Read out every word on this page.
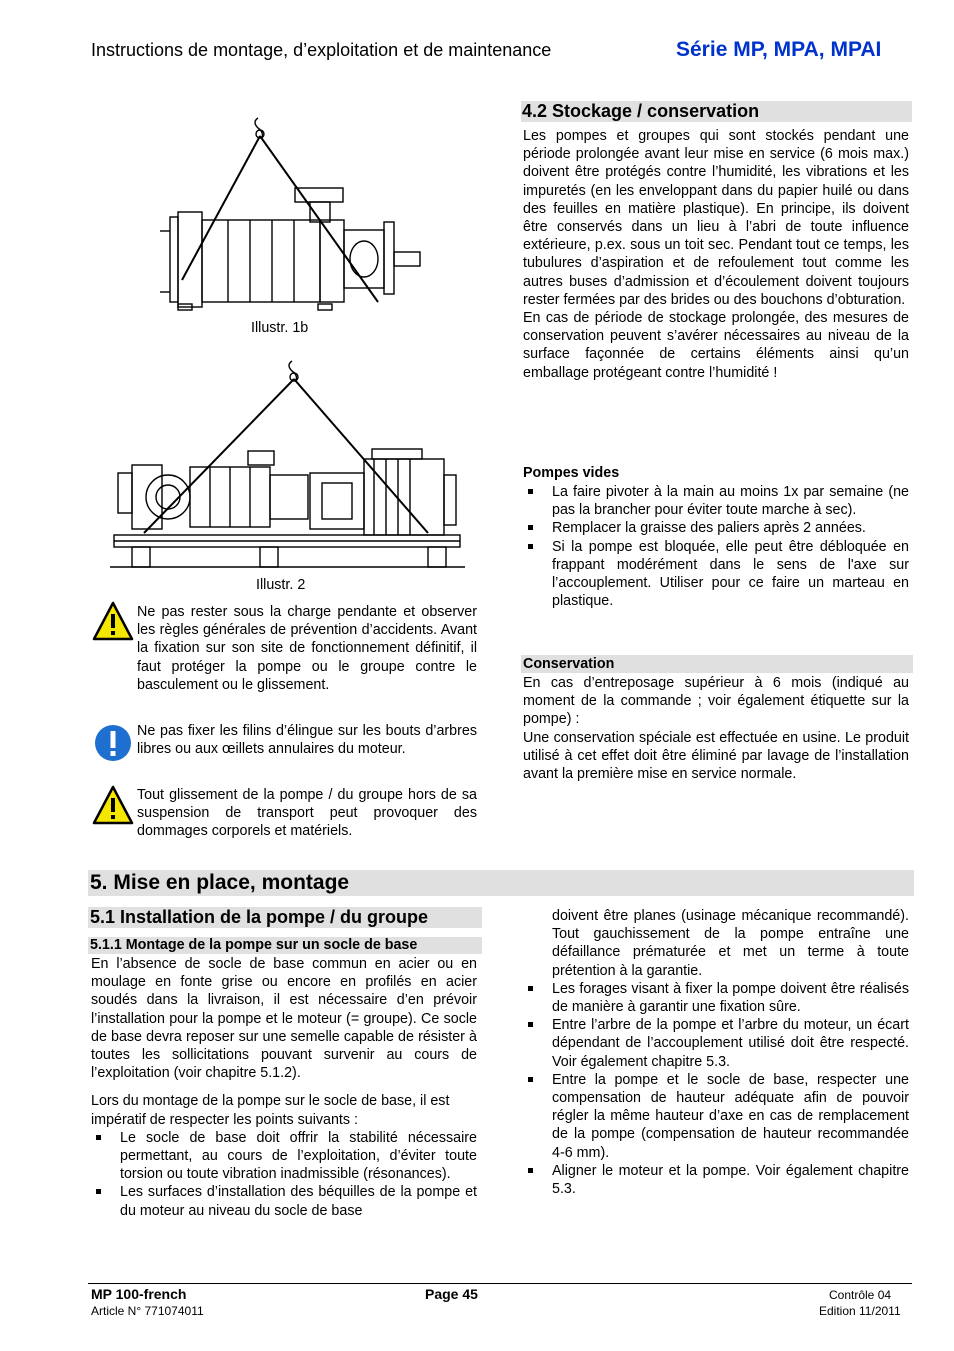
Instructions de montage, d’exploitation et de maintenance	Série MP, MPA, MPAI
Illustr. 1b
Illustr. 2
Ne pas rester sous la charge pendante et observer les règles générales de prévention d’accidents. Avant la fixation sur son site de fonctionnement définitif, il faut protéger la pompe ou le groupe contre le basculement ou le glissement.
Ne pas fixer les filins d’élingue sur les bouts d’arbres libres ou aux œillets annulaires du moteur.
Tout glissement de la pompe / du groupe hors de sa suspension de transport peut provoquer des dommages corporels et matériels.
4.2 Stockage / conservation

Les pompes et groupes qui sont stockés pendant une période prolongée avant leur mise en service (6 mois max.) doivent être protégés contre l’humidité, les vibrations et les impuretés (en les enveloppant dans du papier huilé ou dans des feuilles en matière plastique). En principe, ils doivent être conservés dans un lieu à l’abri de toute influence extérieure, p.ex. sous un toit sec. Pendant tout ce temps, les tubulures d’aspiration et de refoulement tout comme les autres buses d’admission et d’écoulement doivent toujours rester fermées par des brides ou des bouchons d’obturation.

En cas de période de stockage prolongée, des mesures de conservation peuvent s’avérer nécessaires au niveau de la surface façonnée de certains éléments ainsi qu’un emballage protégeant contre l’humidité !

Pompes vides
La faire pivoter à la main au moins 1x par semaine (ne pas la brancher pour éviter toute marche à sec).
Remplacer la graisse des paliers après 2 années.
Si la pompe est bloquée, elle peut être débloquée en frappant modérément dans le sens de l'axe sur l’accouplement. Utiliser pour ce faire un marteau en plastique.
Conservation

En cas d’entreposage supérieur à 6 mois (indiqué au moment de la commande ; voir également étiquette sur la pompe) :

Une conservation spéciale est effectuée en usine. Le produit utilisé à cet effet doit être éliminé par lavage de l’installation avant la première mise en service normale.

5. Mise en place, montage
5.1 Installation de la pompe / du groupe
5.1.1 Montage de la pompe sur un socle de base

En l’absence de socle de base commun en acier ou en moulage en fonte grise ou encore en profilés en acier soudés dans la livraison, il est nécessaire d’en prévoir l’installation pour la pompe et le moteur (= groupe). Ce socle de base devra reposer sur une semelle capable de résister à toutes les sollicitations pouvant survenir au cours de l’exploitation (voir chapitre 5.1.2).

Lors du montage de la pompe sur le socle de base, il est impératif de respecter les points suivants :

Le socle de base doit offrir la stabilité nécessaire permettant, au cours de l’exploitation, d’éviter toute torsion ou toute vibration inadmissible (résonances).
Les surfaces d’installation des béquilles de la pompe et du moteur au niveau du socle de base

doivent être planes (usinage mécanique recommandé). Tout gauchissement de la pompe entraîne une défaillance prématurée et met un terme à toute prétention à la garantie.

Les forages visant à fixer la pompe doivent être réalisés de manière à garantir une fixation sûre.
Entre l’arbre de la pompe et l’arbre du moteur, un écart dépendant de l’accouplement utilisé doit être respecté. Voir également chapitre 5.3.
Entre la pompe et le socle de base, respecter une compensation de hauteur adéquate afin de pouvoir régler la même hauteur d’axe en cas de remplacement de la pompe (compensation de hauteur recommandée 4-6 mm).
Aligner le moteur et la pompe. Voir également chapitre 5.3.
MP 100-french
Article N° 771074011
Page 45	Contrôle 04
Edition 11/2011
